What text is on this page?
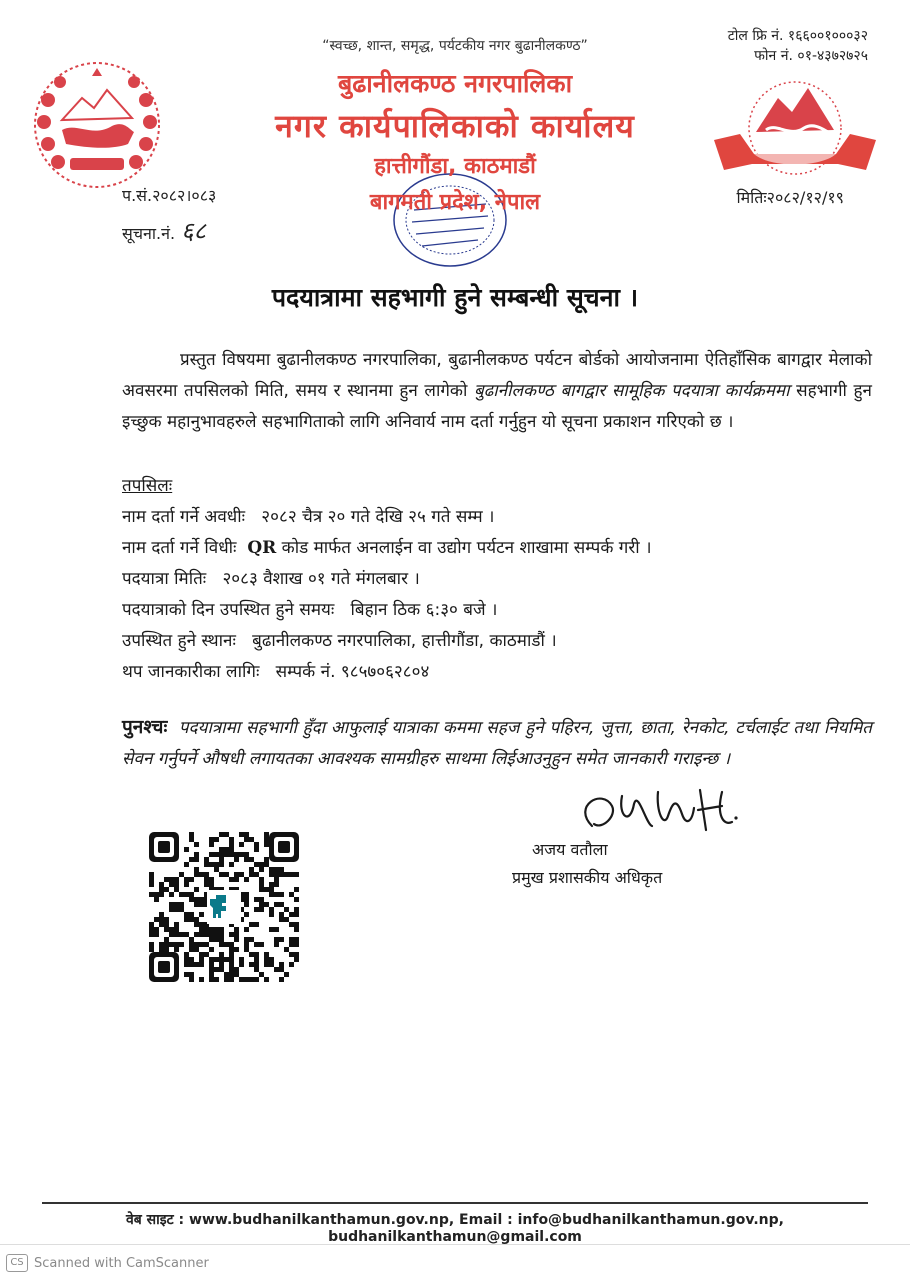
“स्वच्छ, शान्त, समृद्ध, पर्यटकीय नगर बुढानीलकण्ठ”
टोल फ्रि नं. १६६००१०००३२
फोन नं. ०१-४३७२७२५
बुढानीलकण्ठ नगरपालिका
नगर कार्यपालिकाको कार्यालय
हात्तीगौंडा, काठमाडौं
बागमती प्रदेश, नेपाल
प.सं.२०८२।०८३
सूचना.नं. ६८
मितिः२०८२/१२/१९
पदयात्रामा सहभागी हुने सम्बन्धी सूचना ।
प्रस्तुत विषयमा बुढानीलकण्ठ नगरपालिका, बुढानीलकण्ठ पर्यटन बोर्डको आयोजनामा ऐतिहाँसिक बागद्वार मेलाको अवसरमा तपसिलको मिति, समय र स्थानमा हुन लागेको बुढानीलकण्ठ बागद्वार सामूहिक पदयात्रा कार्यक्रममा सहभागी हुन इच्छुक महानुभावहरुले सहभागिताको लागि अनिवार्य नाम दर्ता गर्नुहुन यो सूचना प्रकाशन गरिएको छ ।
तपसिलः
नाम दर्ता गर्ने अवधीः २०८२ चैत्र २० गते देखि २५ गते सम्म ।
नाम दर्ता गर्ने विधीः QR कोड मार्फत अनलाईन वा उद्योग पर्यटन शाखामा सम्पर्क गरी ।
पदयात्रा मितिः २०८३ वैशाख ०१ गते मंगलबार ।
पदयात्राको दिन उपस्थित हुने समयः बिहान ठिक ६:३० बजे ।
उपस्थित हुने स्थानः बुढानीलकण्ठ नगरपालिका, हात्तीगौंडा, काठमाडौं ।
थप जानकारीका लागिः सम्पर्क नं. ९८५७०६२८०४
पुनश्चः पदयात्रामा सहभागी हुँदा आफुलाई यात्राका कममा सहज हुने पहिरन, जुत्ता, छाता, रेनकोट, टर्चलाईट तथा नियमित सेवन गर्नुपर्ने औषधी लगायतका आवश्यक सामग्रीहरु साथमा लिईआउनुहुन समेत जानकारी गराइन्छ ।
अजय वतौला
प्रमुख प्रशासकीय अधिकृत
वेब साइट : www.budhanilkanthamun.gov.np, Email : info@budhanilkanthamun.gov.np, budhanilkanthamun@gmail.com
CS Scanned with CamScanner
